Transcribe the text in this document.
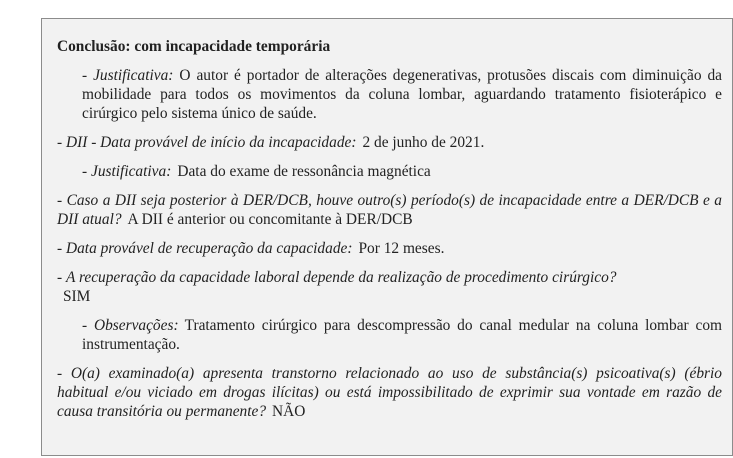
Conclusão: com incapacidade temporária
- Justificativa: O autor é portador de alterações degenerativas, protusões discais com diminuição da mobilidade para todos os movimentos da coluna lombar, aguardando tratamento fisioterápico e cirúrgico pelo sistema único de saúde.
- DII - Data provável de início da incapacidade: 2 de junho de 2021.
- Justificativa: Data do exame de ressonância magnética
- Caso a DII seja posterior à DER/DCB, houve outro(s) período(s) de incapacidade entre a DER/DCB e a DII atual? A DII é anterior ou concomitante à DER/DCB
- Data provável de recuperação da capacidade: Por 12 meses.
- A recuperação da capacidade laboral depende da realização de procedimento cirúrgico?
SIM
- Observações: Tratamento cirúrgico para descompressão do canal medular na coluna lombar com instrumentação.
- O(a) examinado(a) apresenta transtorno relacionado ao uso de substância(s) psicoativa(s) (ébrio habitual e/ou viciado em drogas ilícitas) ou está impossibilitado de exprimir sua vontade em razão de causa transitória ou permanente? NÃO
